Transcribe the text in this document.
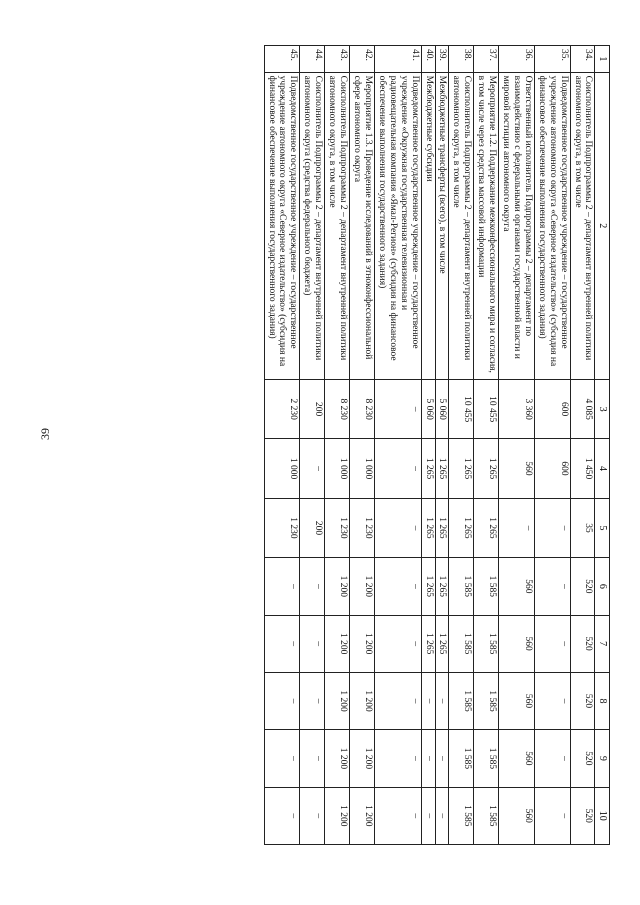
39
1	2	3	4	5	6	7	8	9	10
34.	Соисполнитель Подпрограммы 2 – департамент внутренней политики автономного округа, в том числе	4 085	1 450	35	520	520	520	520	520
35.	Подведомственное государственное учреждение – государственное учреждение автономного округа «Северное издательство» (субсидия на финансовое обеспечение выполнения государственного задания)	600	600	–	–	–	–	–	–
36.	Ответственный исполнитель Подпрограммы 2 – департамент по взаимодействию с федеральными органами государственной власти и мировой юстиции автономного округа	3 360	560	–	560	560	560	560	560
37.	Мероприятие 1.2. Поддержание межконфессионального мира и согласия, в том числе через средства массовой информации	10 455	1 265	1 265	1 585	1 585	1 585	1 585	1 585
38.	Соисполнитель Подпрограммы 2 – департамент внутренней политики автономного округа, в том числе	10 455	1 265	1 265	1 585	1 585	1 585	1 585	1 585
39.	Межбюджетные трансферты (всего), в том числе	5 060	1 265	1 265	1 265	1 265	–	–	–
40.	Межбюджетные субсидии	5 060	1 265	1 265	1 265	1 265	–	–	–
41.	Подведомственное государственное учреждение – государственное учреждение «Окружная государственная телевизионная и радиовещательная компания «Ямал-Регион» (субсидия на финансовое обеспечение выполнения государственного задания)	–	–	–	–	–	–	–	–
42.	Мероприятие 1.3. Проведение исследований в этноконфессиональной сфере автономного округа	8 230	1 000	1 230	1 200	1 200	1 200	1 200	1 200
43.	Соисполнитель Подпрограммы 2 – департамент внутренней политики автономного округа, в том числе	8 230	1 000	1 230	1 200	1 200	1 200	1 200	1 200
44.	Соисполнитель Подпрограммы 2 – департамент внутренней политики автономного округа (средства федерального бюджета)	200	–	200	–	–	–	–	–
45.	Подведомственное государственное учреждение – государственное учреждение автономного округа «Северное издательство» (субсидия на финансовое обеспечение выполнения государственного задания)	2 230	1 000	1 230	–	–	–	–	–
